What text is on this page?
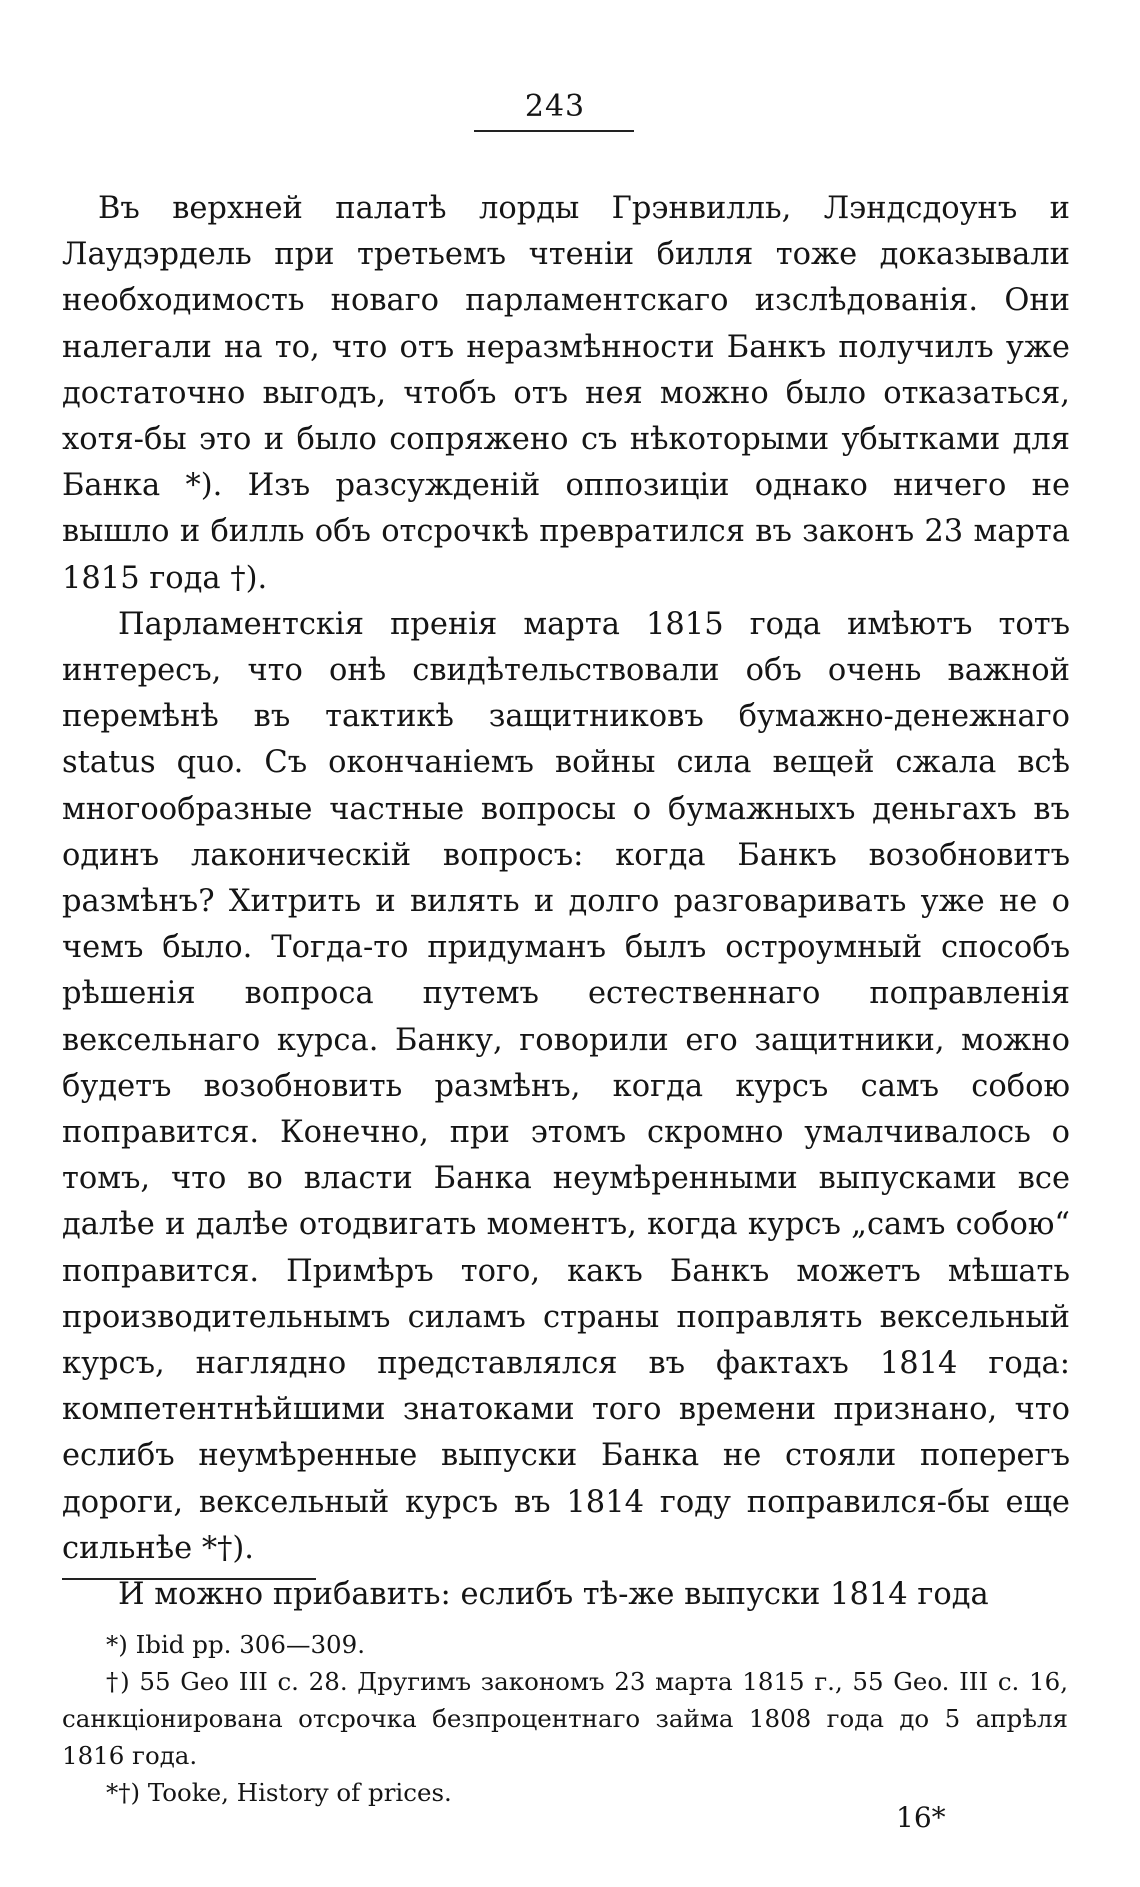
243

Въ верхней палатѣ лорды Грэнвилль, Лэндсдоунъ и Лаудэрдель при третьемъ чтеніи билля тоже доказывали необходимость новаго парламентскаго изслѣдованія. Они налегали на то, что отъ неразмѣнности Банкъ получилъ уже достаточно выгодъ, чтобъ отъ нея можно было отказаться, хотя-бы это и было сопряжено съ нѣкоторыми убытками для Банка *). Изъ разсужденій оппозиціи однако ничего не вышло и билль объ отсрочкѣ превратился въ законъ 23 марта 1815 года †).

Парламентскія пренія марта 1815 года имѣютъ тотъ интересъ, что онѣ свидѣтельствовали объ очень важной перемѣнѣ въ тактикѣ защитниковъ бумажно-денежнаго status quo. Съ окончаніемъ войны сила вещей сжала всѣ многообразные частные вопросы о бумажныхъ деньгахъ въ одинъ лаконическій вопросъ: когда Банкъ возобновитъ размѣнъ? Хитрить и вилять и долго разговаривать уже не о чемъ было. Тогда-то придуманъ былъ остроумный способъ рѣшенія вопроса путемъ естественнаго поправленія вексельнаго курса. Банку, говорили его защитники, можно будетъ возобновить размѣнъ, когда курсъ самъ собою поправится. Конечно, при этомъ скромно умалчивалось о томъ, что во власти Банка неумѣренными выпусками все далѣе и далѣе отодвигать моментъ, когда курсъ „самъ собою“ поправится. Примѣръ того, какъ Банкъ можетъ мѣшать производительнымъ силамъ страны поправлять вексельный курсъ, наглядно представлялся въ фактахъ 1814 года: компетентнѣйшими знатоками того времени признано, что еслибъ неумѣренные выпуски Банка не стояли поперегъ дороги, вексельный курсъ въ 1814 году поправился-бы еще сильнѣе *†).

И можно прибавить: еслибъ тѣ-же выпуски 1814 года

*) Ibid pp. 306—309.

†) 55 Geo III c. 28. Другимъ закономъ 23 марта 1815 г., 55 Geo. III c. 16, санкціонирована отсрочка безпроцентнаго займа 1808 года до 5 апрѣля 1816 года.

*†) Tooke, History of prices.

16*
